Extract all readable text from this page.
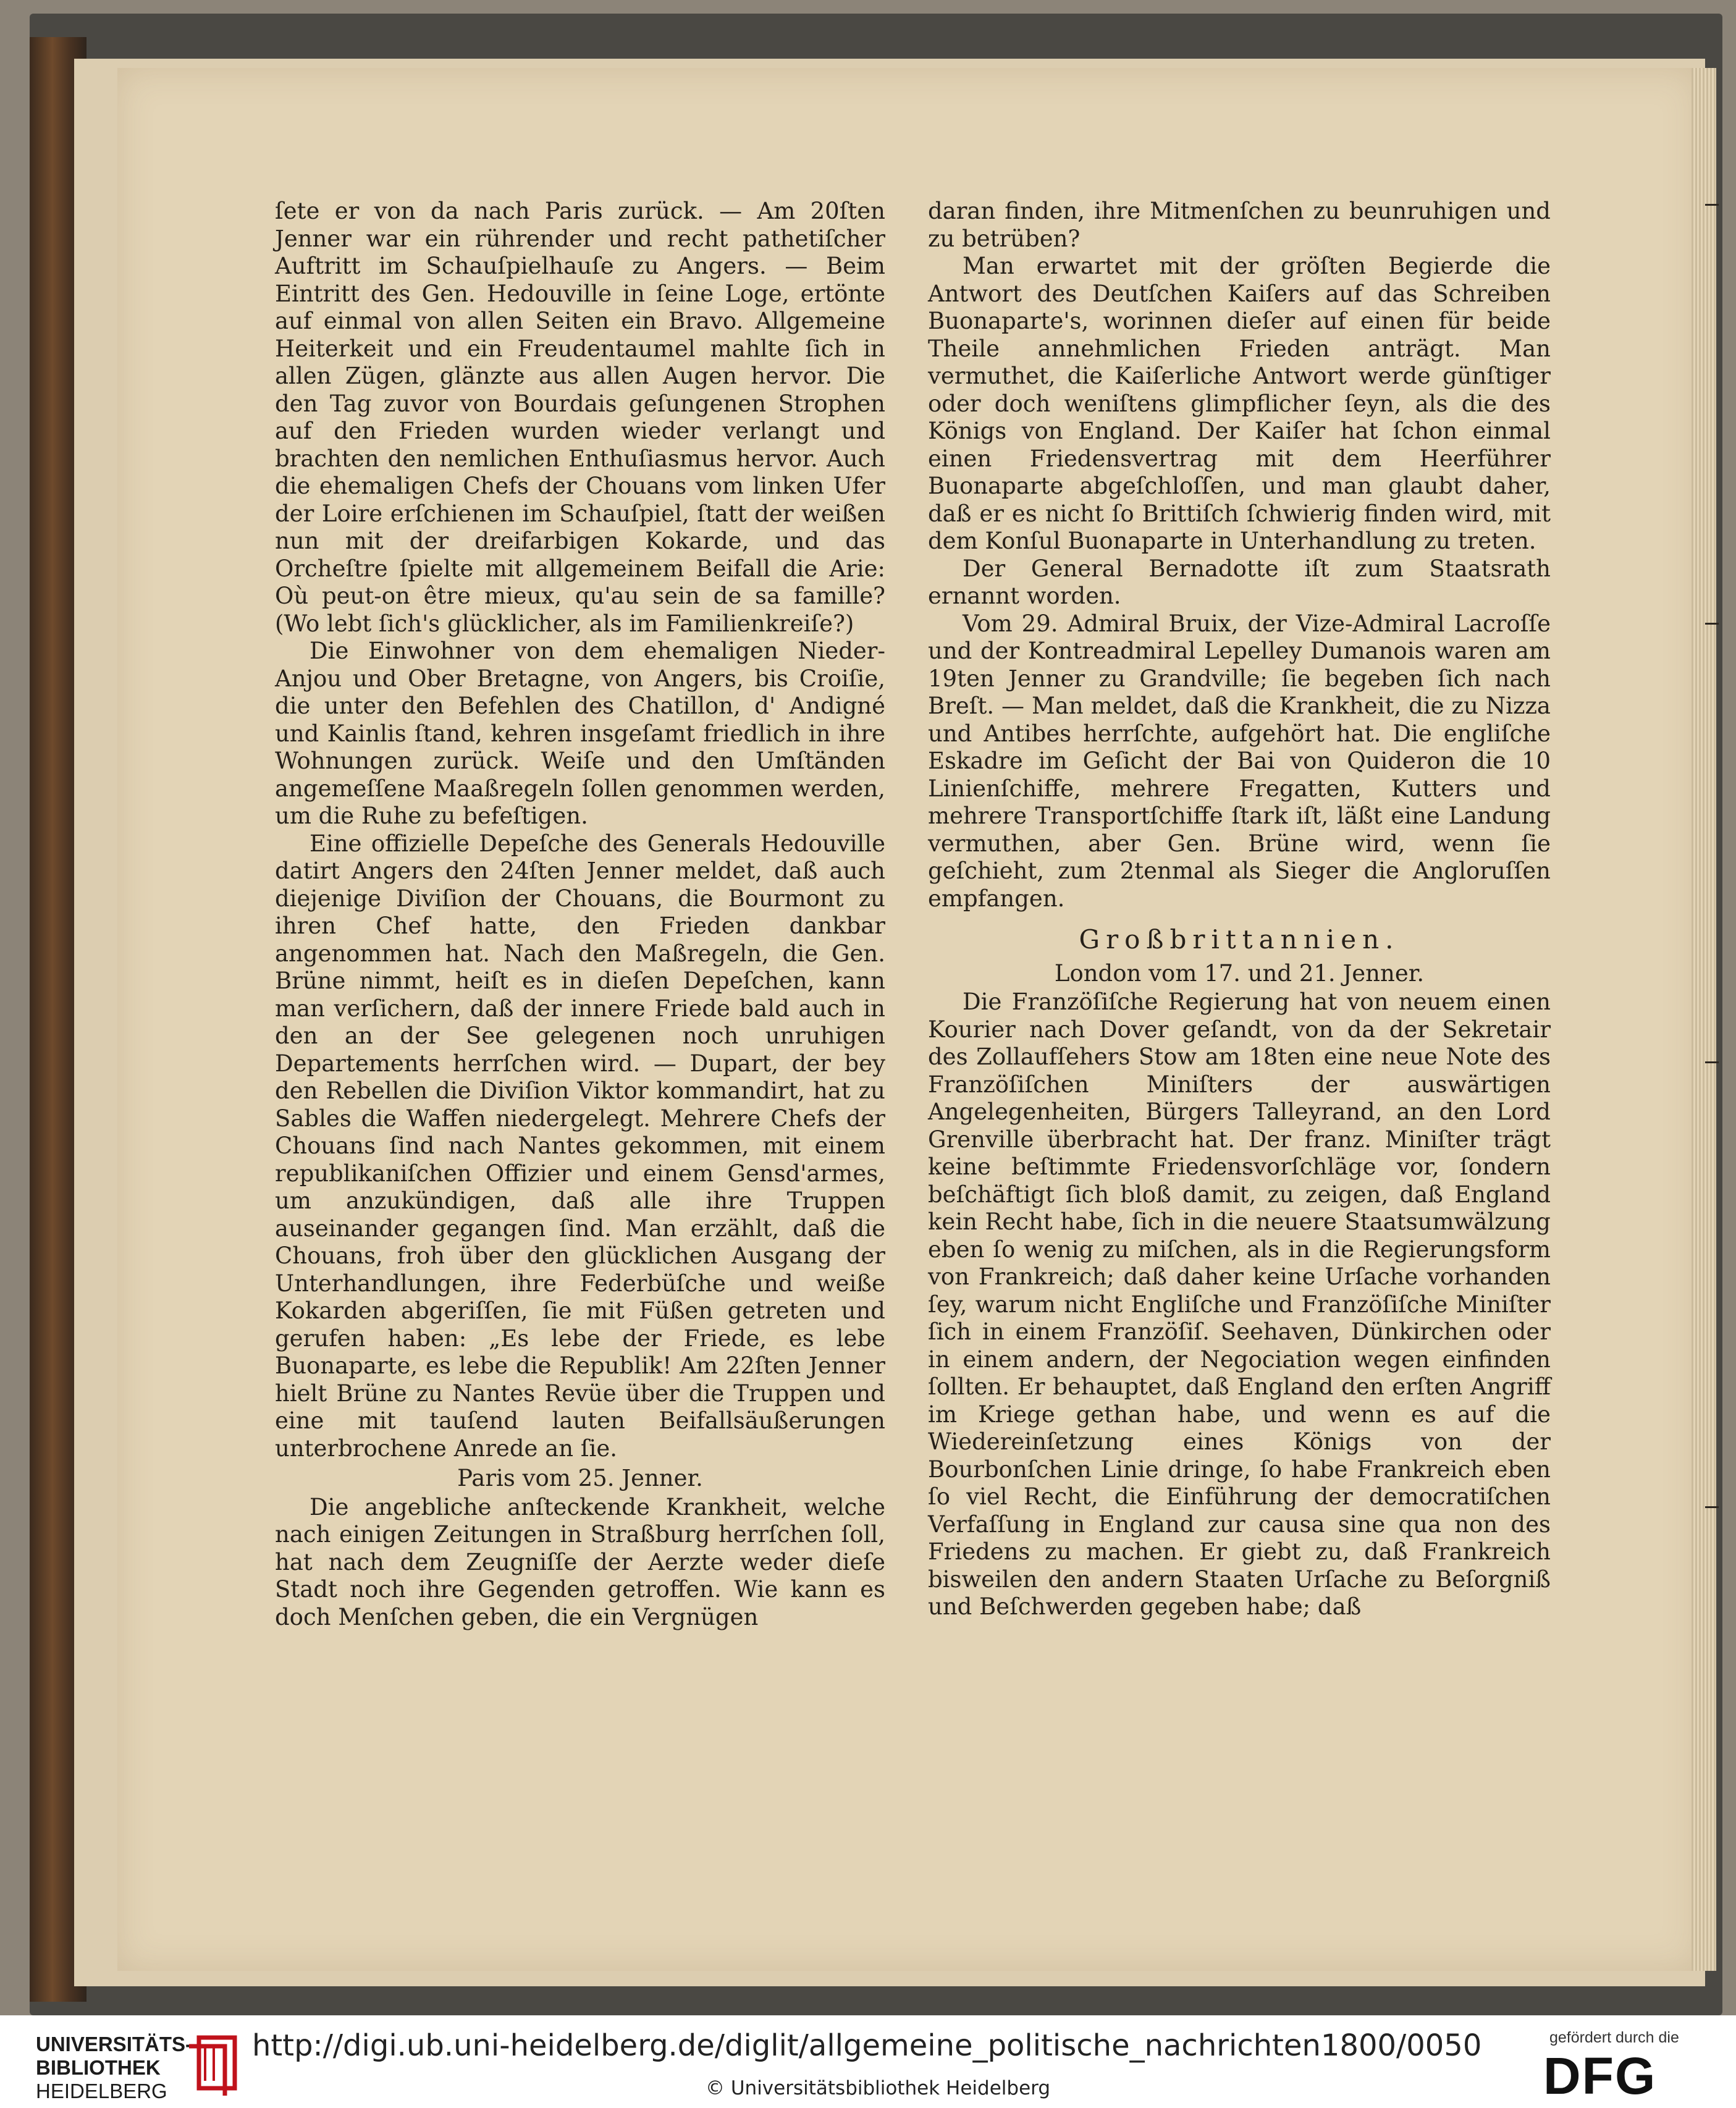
ſete er von da nach Paris zurück. — Am 20ſten Jenner war ein rührender und recht pathetiſcher Auftritt im Schauſpielhauſe zu Angers. — Beim Eintritt des Gen. Hedouville in ſeine Loge, ertönte auf einmal von allen Seiten ein Bravo. Allgemeine Heiterkeit und ein Freudentaumel mahlte ſich in allen Zügen, glänzte aus allen Augen hervor. Die den Tag zuvor von Bourdais geſungenen Strophen auf den Frieden wurden wieder verlangt und brachten den nemlichen Enthuſiasmus hervor. Auch die ehemaligen Chefs der Chouans vom linken Ufer der Loire erſchienen im Schauſpiel, ſtatt der weißen nun mit der dreifarbigen Kokarde, und das Orcheſtre ſpielte mit allgemeinem Beifall die Arie: Où peut-on être mieux, qu'au sein de sa famille? (Wo lebt ſich's glücklicher, als im Familienkreiſe?)

Die Einwohner von dem ehemaligen Nieder-Anjou und Ober Bretagne, von Angers, bis Croiſie, die unter den Befehlen des Chatillon, d' Andigné und Kainlis ſtand, kehren insgeſamt friedlich in ihre Wohnungen zurück. Weiſe und den Umſtänden angemeſſene Maaßregeln ſollen genommen werden, um die Ruhe zu befeſtigen.

Eine offizielle Depeſche des Generals Hedouville datirt Angers den 24ſten Jenner meldet, daß auch diejenige Diviſion der Chouans, die Bourmont zu ihren Chef hatte, den Frieden dankbar angenommen hat. Nach den Maßregeln, die Gen. Brüne nimmt, heiſt es in dieſen Depeſchen, kann man verſichern, daß der innere Friede bald auch in den an der See gelegenen noch unruhigen Departements herrſchen wird. — Dupart, der bey den Rebellen die Diviſion Viktor kommandirt, hat zu Sables die Waffen niedergelegt. Mehrere Chefs der Chouans ſind nach Nantes gekommen, mit einem republikaniſchen Offizier und einem Gensd'armes, um anzukündigen, daß alle ihre Truppen auseinander gegangen ſind. Man erzählt, daß die Chouans, froh über den glücklichen Ausgang der Unterhandlungen, ihre Federbüſche und weiße Kokarden abgeriſſen, ſie mit Füßen getreten und gerufen haben: „Es lebe der Friede, es lebe Buonaparte, es lebe die Republik! Am 22ſten Jenner hielt Brüne zu Nantes Revüe über die Truppen und eine mit tauſend lauten Beifallsäußerungen unterbrochene Anrede an ſie.

Paris vom 25. Jenner.

Die angebliche anſteckende Krankheit, welche nach einigen Zeitungen in Straßburg herrſchen ſoll, hat nach dem Zeugniſſe der Aerzte weder dieſe Stadt noch ihre Gegenden getroffen. Wie kann es doch Menſchen geben, die ein Vergnügen

daran finden, ihre Mitmenſchen zu beunruhigen und zu betrüben?

Man erwartet mit der gröſten Begierde die Antwort des Deutſchen Kaiſers auf das Schreiben Buonaparte's, worinnen dieſer auf einen für beide Theile annehmlichen Frieden anträgt. Man vermuthet, die Kaiſerliche Antwort werde günſtiger oder doch weniſtens glimpflicher ſeyn, als die des Königs von England. Der Kaiſer hat ſchon einmal einen Friedensvertrag mit dem Heerführer Buonaparte abgeſchloſſen, und man glaubt daher, daß er es nicht ſo Brittiſch ſchwierig finden wird, mit dem Konſul Buonaparte in Unterhandlung zu treten.

Der General Bernadotte iſt zum Staatsrath ernannt worden.

Vom 29. Admiral Bruix, der Vize-Admiral Lacroſſe und der Kontreadmiral Lepelley Dumanois waren am 19ten Jenner zu Grandville; ſie begeben ſich nach Breſt. — Man meldet, daß die Krankheit, die zu Nizza und Antibes herrſchte, aufgehört hat. Die engliſche Eskadre im Geſicht der Bai von Quideron die 10 Linienſchiffe, mehrere Fregatten, Kutters und mehrere Transportſchiffe ſtark iſt, läßt eine Landung vermuthen, aber Gen. Brüne wird, wenn ſie geſchieht, zum 2tenmal als Sieger die Angloruſſen empfangen.

Großbrittannien.

London vom 17. und 21. Jenner.

Die Franzöſiſche Regierung hat von neuem einen Kourier nach Dover geſandt, von da der Sekretair des Zollaufſehers Stow am 18ten eine neue Note des Franzöſiſchen Miniſters der auswärtigen Angelegenheiten, Bürgers Talleyrand, an den Lord Grenville überbracht hat. Der franz. Miniſter trägt keine beſtimmte Friedensvorſchläge vor, ſondern beſchäftigt ſich bloß damit, zu zeigen, daß England kein Recht habe, ſich in die neuere Staatsumwälzung eben ſo wenig zu miſchen, als in die Regierungsform von Frankreich; daß daher keine Urſache vorhanden ſey, warum nicht Engliſche und Franzöſiſche Miniſter ſich in einem Franzöſiſ. Seehaven, Dünkirchen oder in einem andern, der Negociation wegen einfinden ſollten. Er behauptet, daß England den erſten Angriff im Kriege gethan habe, und wenn es auf die Wiedereinſetzung eines Königs von der Bourbonſchen Linie dringe, ſo habe Frankreich eben ſo viel Recht, die Einführung der democratiſchen Verfaſſung in England zur causa sine qua non des Friedens zu machen. Er giebt zu, daß Frankreich bisweilen den andern Staaten Urſache zu Beſorgniß und Beſchwerden gegeben habe; daß

UNIVERSITÄTS-
BIBLIOTHEK
HEIDELBERG
http://digi.ub.uni-heidelberg.de/diglit/allgemeine_politische_nachrichten1800/0050
© Universitätsbibliothek Heidelberg
gefördert durch die
DFG
